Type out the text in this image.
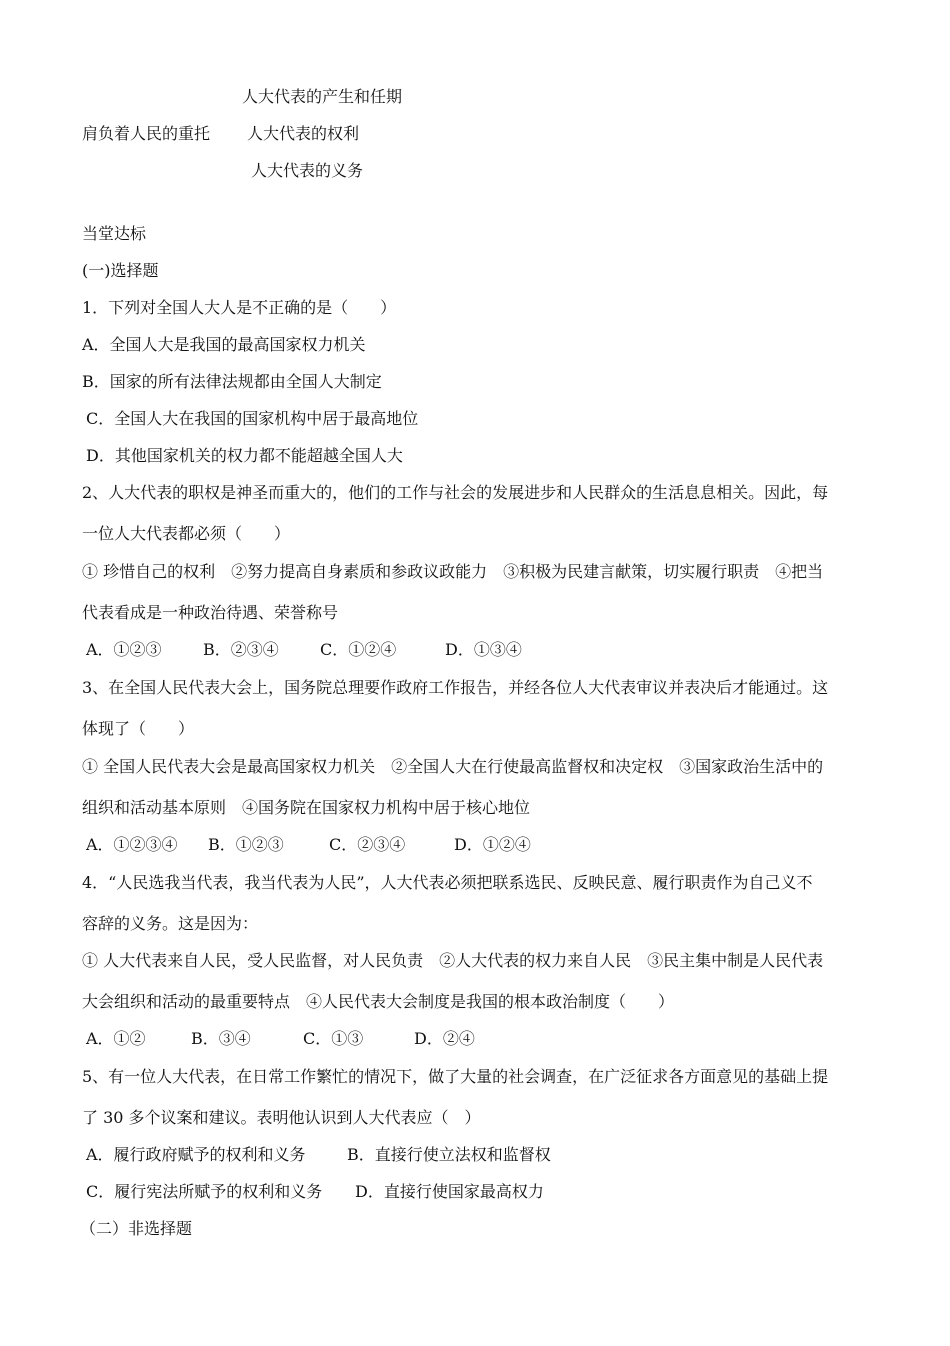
人大代表的产生和任期
肩负着人民的重托 人大代表的权利
人大代表的义务
当堂达标
(一)选择题
1．下列对全国人大人是不正确的是（　　）
A．全国人大是我国的最高国家权力机关
B．国家的所有法律法规都由全国人大制定
C．全国人大在我国的国家机构中居于最高地位
D．其他国家机关的权力都不能超越全国人大
2、人大代表的职权是神圣而重大的，他们的工作与社会的发展进步和人民群众的生活息息相关。因此，每
一位人大代表都必须（　　）
① 珍惜自己的权利　②努力提高自身素质和参政议政能力　③积极为民建言献策，切实履行职责　④把当
代表看成是一种政治待遇、荣誉称号
A．①②③	B．②③④	C．①②④	D．①③④
3、在全国人民代表大会上，国务院总理要作政府工作报告，并经各位人大代表审议并表决后才能通过。这
体现了（　　）
① 全国人民代表大会是最高国家权力机关　②全国人大在行使最高监督权和决定权　③国家政治生活中的
组织和活动基本原则　④国务院在国家权力机构中居于核心地位
A．①②③④ B．①②③	C．②③④	D．①②④
4．“人民选我当代表，我当代表为人民”，人大代表必须把联系选民、反映民意、履行职责作为自己义不
容辞的义务。这是因为：
① 人大代表来自人民，受人民监督，对人民负责　②人大代表的权力来自人民　③民主集中制是人民代表
大会组织和活动的最重要特点　④人民代表大会制度是我国的根本政治制度（　　）
A．①②	B．③④	C．①③	D．②④
5、有一位人大代表，在日常工作繁忙的情况下，做了大量的社会调查，在广泛征求各方面意见的基础上提
了 30 多个议案和建议。表明他认识到人大代表应（　）
A．履行政府赋予的权利和义务	B．直接行使立法权和监督权
C．履行宪法所赋予的权利和义务 D．直接行使国家最高权力
（二）非选择题
